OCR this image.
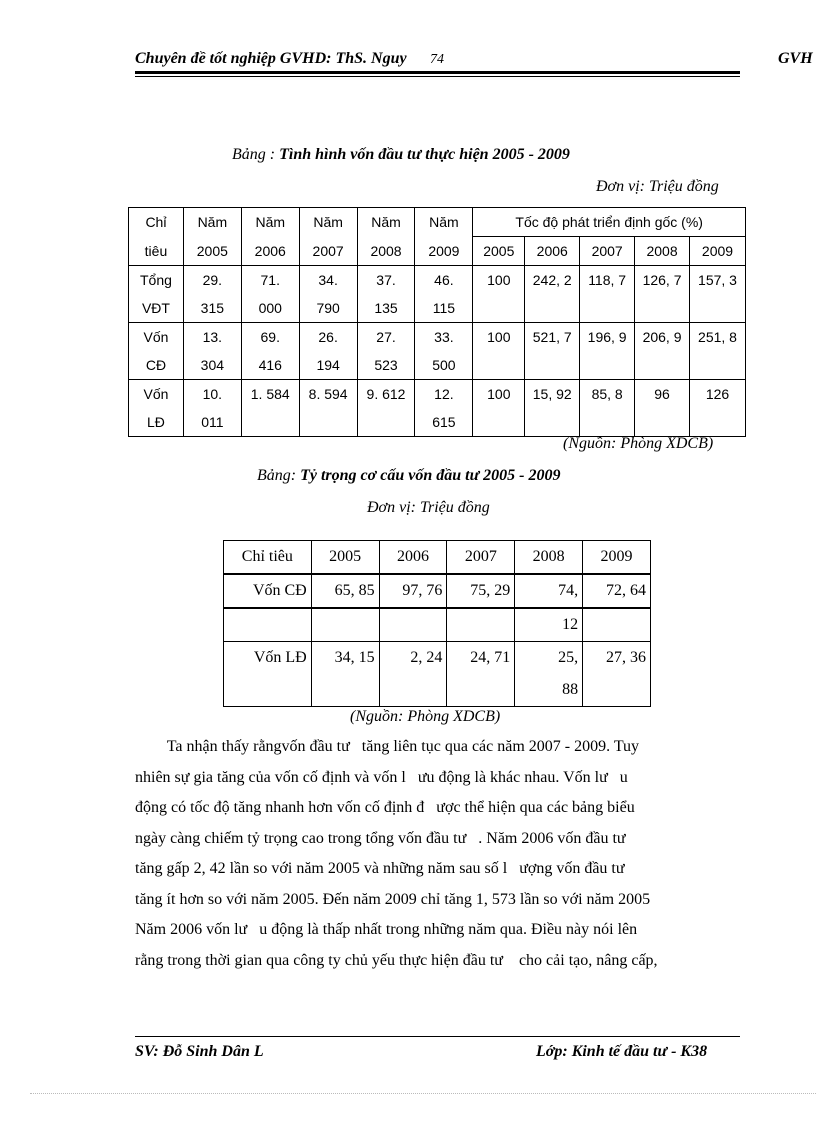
Chuyên đề tốt nghiệp GVHD: ThS. Nguy 74	GVH
Bảng : Tình hình vốn đầu tư thực hiện 2005 - 2009
Đơn vị: Triệu đồng
Chỉ	Năm	Năm	Năm	Năm	Năm	Tốc độ phát triển định gốc (%)				
tiêu	2005	2006	2007	2008	2009	2005	2006	2007	2008	2009
Tổng	29.	71.	34.	37.	46.	100	242, 2	118, 7	126, 7	157, 3
VĐT	315	000	790	135	115					
Vốn	13.	69.	26.	27.	33.	100	521, 7	196, 9	206, 9	251, 8
CĐ	304	416	194	523	500					
Vốn	10.	1. 584	8. 594	9. 612	12.	100	15, 92	85, 8	96	126
LĐ	011				615					
(Nguồn: Phòng XDCB)
Bảng: Tỷ trọng cơ cấu vốn đầu tư 2005 - 2009
Đơn vị: Triệu đồng
Chỉ tiêu	2005	2006	2007	2008	2009
Vốn CĐ	65, 85	97, 76	75, 29	74,	72, 64
				12	
Vốn LĐ	34, 15	2, 24	24, 71	25,	27, 36
				88	
(Nguồn: Phòng XDCB)
Ta nhận thấy rằngvốn đầu tư   tăng liên tục qua các năm 2007 - 2009. Tuy
nhiên sự gia tăng của vốn cố định và vốn l   ưu động là khác nhau. Vốn lư   u
động có tốc độ tăng nhanh hơn vốn cố định đ   ược thể hiện qua các bảng biểu
ngày càng chiếm tỷ trọng cao trong tổng vốn đầu tư   . Năm 2006 vốn đầu tư
tăng gấp 2, 42 lần so với năm 2005 và những năm sau số l   ượng vốn đầu tư
tăng ít hơn so với năm 2005. Đến năm 2009 chỉ tăng 1, 573 lần so với năm 2005
Năm 2006 vốn lư   u động là thấp nhất trong những năm qua. Điều này nói lên
rằng trong thời gian qua công ty chủ yếu thực hiện đầu tư    cho cải tạo, nâng cấp,
SV: Đỗ Sinh Dân L	Lớp: Kinh tế đầu tư - K38
